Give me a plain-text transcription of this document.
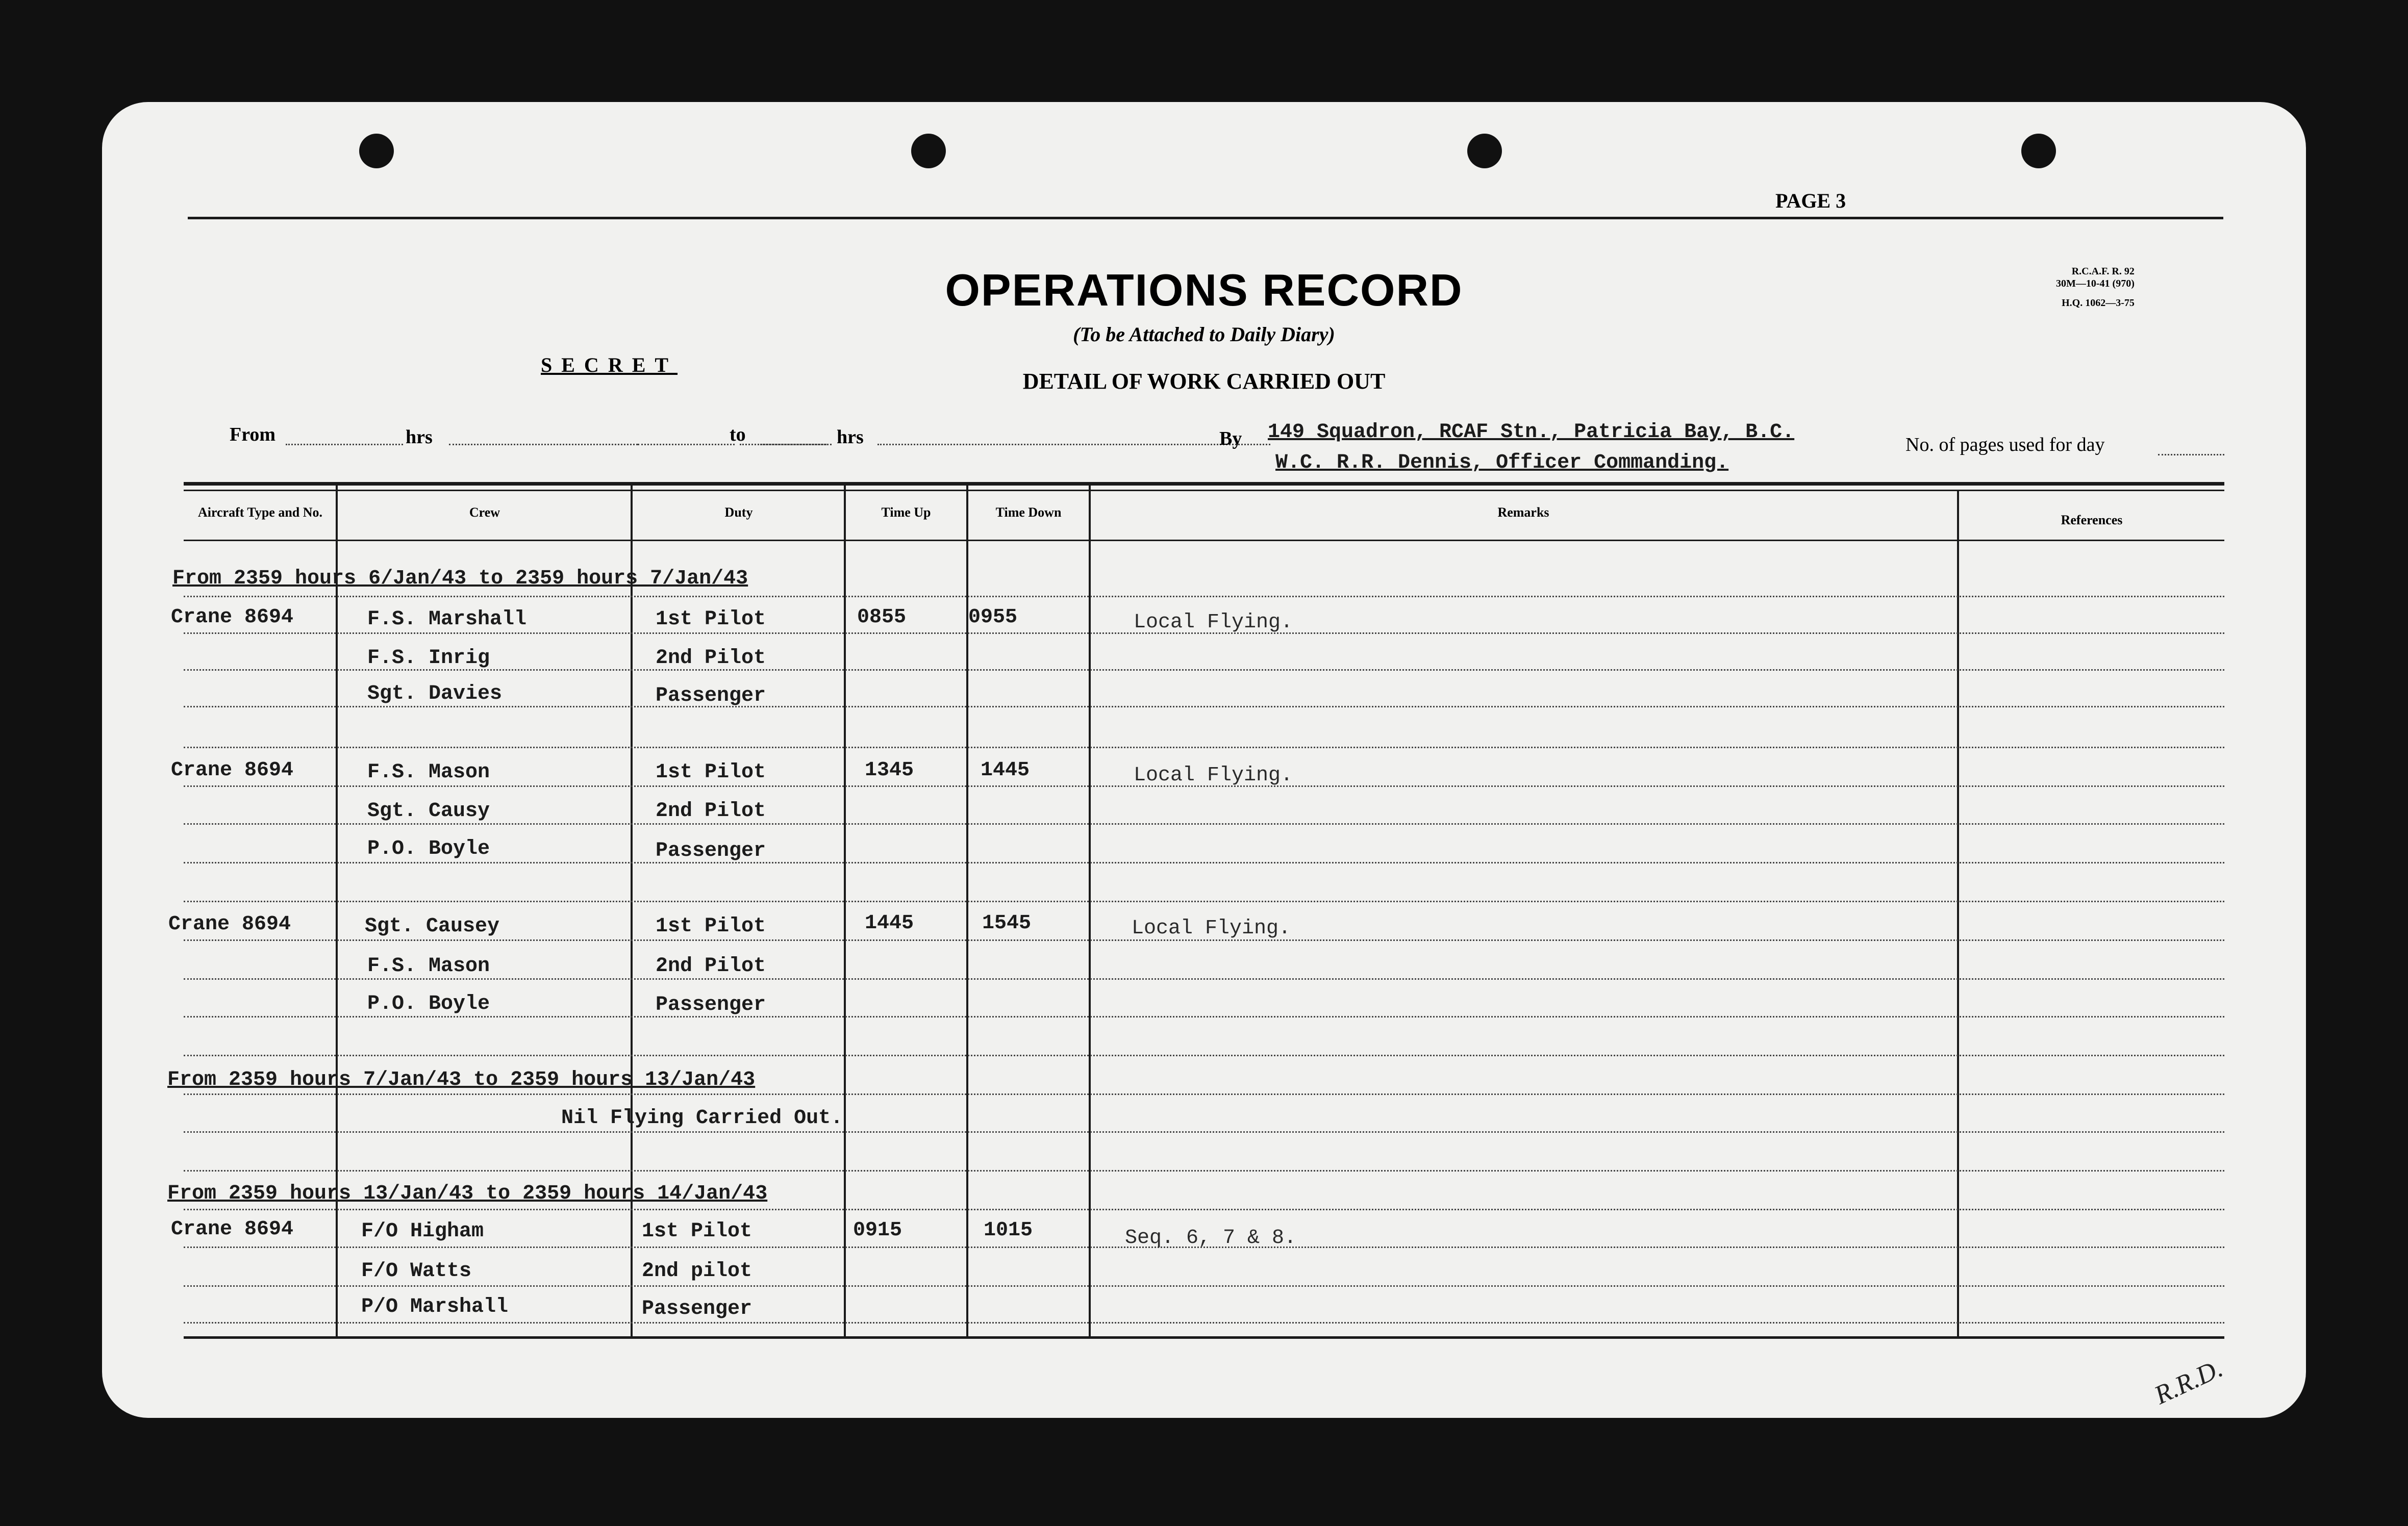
PAGE 3
R.C.A.F. R. 92
30M—10-41 (970)
H.Q. 1062—3-75
OPERATIONS RECORD
(To be Attached to Daily Diary)
SECRET
DETAIL OF WORK CARRIED OUT
From	hrs	to	hrs	By 149 Squadron, RCAF Stn., Patricia Bay, B.C.
W.C. R.R. Dennis, Officer Commanding.
No. of pages used for day
Aircraft Type and No.	Crew	Duty	Time Up	Time Down	Remarks
References
From 2359 hours 6/Jan/43 to 2359 hours 7/Jan/43
Crane 8694	F.S. Marshall	1st Pilot	0855	0955	Local Flying.
F.S. Inrig	2nd Pilot
Sgt. Davies	Passenger
Crane 8694	F.S. Mason	1st Pilot	1345	1445	Local Flying.
Sgt. Causy	2nd Pilot
P.O. Boyle	Passenger
Crane 8694	Sgt. Causey	1st Pilot	1445	1545	Local Flying.
F.S. Mason	2nd Pilot
P.O. Boyle	Passenger
From 2359 hours 7/Jan/43 to 2359 hours 13/Jan/43
Nil Flying Carried Out.
From 2359 hours 13/Jan/43 to 2359 hours 14/Jan/43
Crane 8694	F/O Higham	1st Pilot	0915	1015	Seq. 6, 7 & 8.
F/O Watts	2nd pilot
P/O Marshall	Passenger
R.R.D.
